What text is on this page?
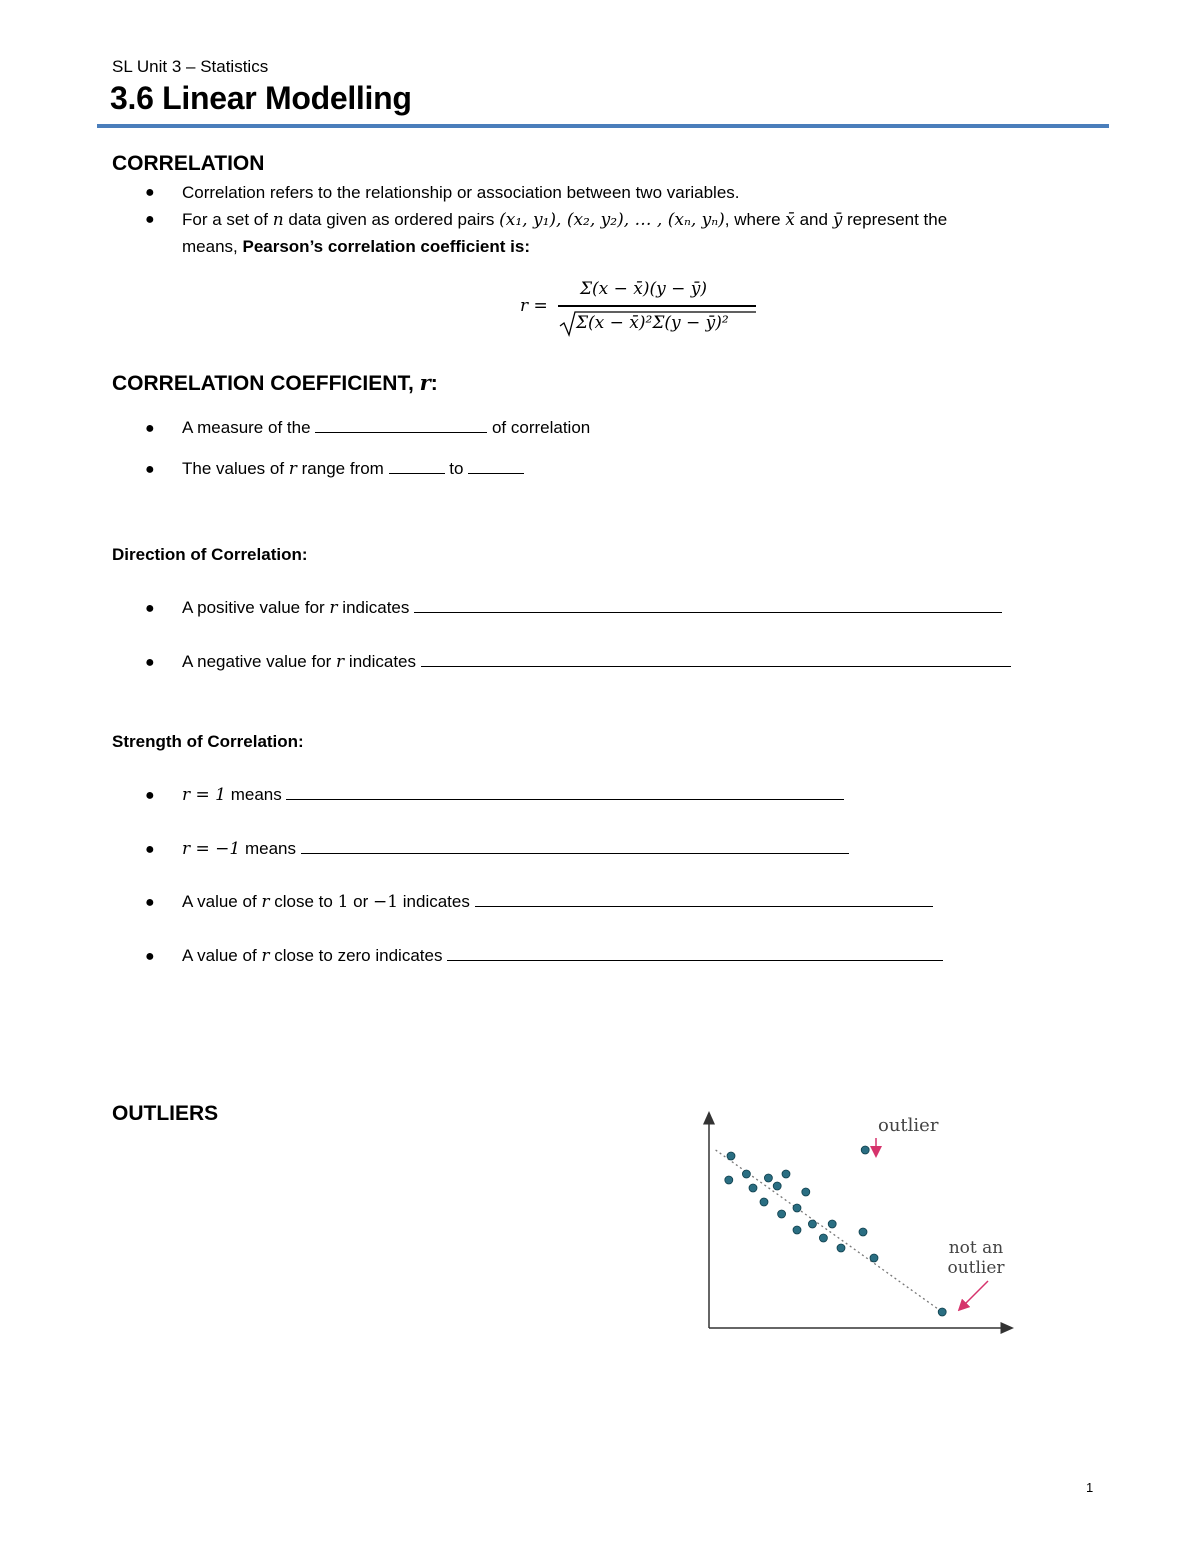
SL Unit 3 – Statistics
3.6 Linear Modelling
CORRELATION
● Correlation refers to the relationship or association between two variables.
● For a set of n data given as ordered pairs (x₁, y₁), (x₂, y₂), … , (xₙ, yₙ), where x̄ and ȳ represent the
means, Pearson’s correlation coefficient is:
r =
Σ(x − x̄)(y − ȳ)
Σ(x − x̄)²Σ(y − ȳ)²
CORRELATION COEFFICIENT, r:
● A measure of the	of correlation
● The values of r range from	to
Direction of Correlation:
● A positive value for r indicates
● A negative value for r indicates
Strength of Correlation:
● r = 1 means
● r = −1 means
● A value of r close to 1 or −1 indicates
● A value of r close to zero indicates
OUTLIERS
outlier
not an
outlier
1
